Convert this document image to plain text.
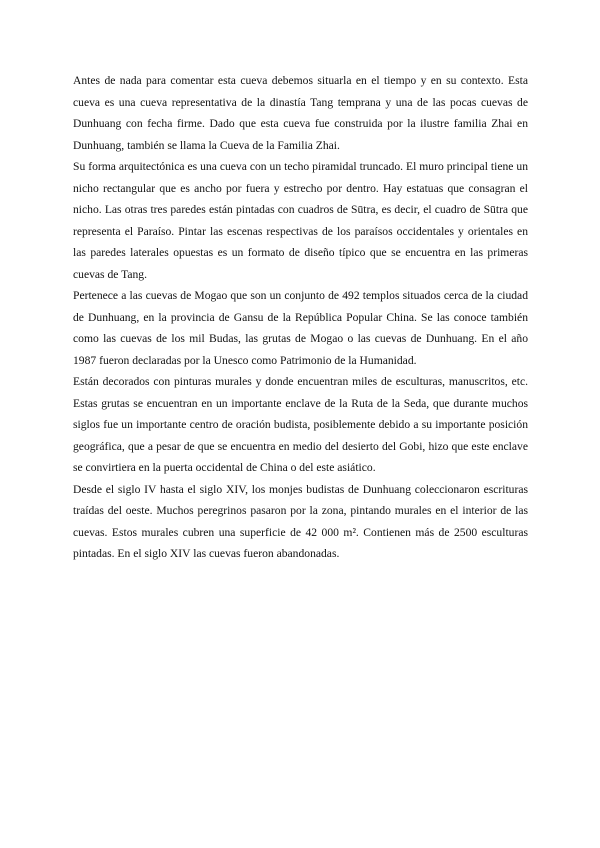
Antes de nada para comentar esta cueva debemos situarla en el tiempo y en su contexto. Esta cueva es una cueva representativa de la dinastía Tang temprana y una de las pocas cuevas de Dunhuang con fecha firme. Dado que esta cueva fue construida por la ilustre familia Zhai en Dunhuang, también se llama la Cueva de la Familia Zhai.

Su forma arquitectónica es una cueva con un techo piramidal truncado. El muro principal tiene un nicho rectangular que es ancho por fuera y estrecho por dentro. Hay estatuas que consagran el nicho. Las otras tres paredes están pintadas con cuadros de Sūtra, es decir, el cuadro de Sūtra que representa el Paraíso. Pintar las escenas respectivas de los paraísos occidentales y orientales en las paredes laterales opuestas es un formato de diseño típico que se encuentra en las primeras cuevas de Tang.

Pertenece a las cuevas de Mogao que son un conjunto de 492 templos situados cerca de la ciudad de Dunhuang, en la provincia de Gansu de la República Popular China. Se las conoce también como las cuevas de los mil Budas, las grutas de Mogao o las cuevas de Dunhuang. En el año 1987 fueron declaradas por la Unesco como Patrimonio de la Humanidad.

Están decorados con pinturas murales y donde encuentran miles de esculturas, manuscritos, etc. Estas grutas se encuentran en un importante enclave de la Ruta de la Seda, que durante muchos siglos fue un importante centro de oración budista, posiblemente debido a su importante posición geográfica, que a pesar de que se encuentra en medio del desierto del Gobi, hizo que este enclave se convirtiera en la puerta occidental de China o del este asiático.

Desde el siglo IV hasta el siglo XIV, los monjes budistas de Dunhuang coleccionaron escrituras traídas del oeste. Muchos peregrinos pasaron por la zona, pintando murales en el interior de las cuevas. Estos murales cubren una superficie de 42 000 m². Contienen más de 2500 esculturas pintadas. En el siglo XIV las cuevas fueron abandonadas.
